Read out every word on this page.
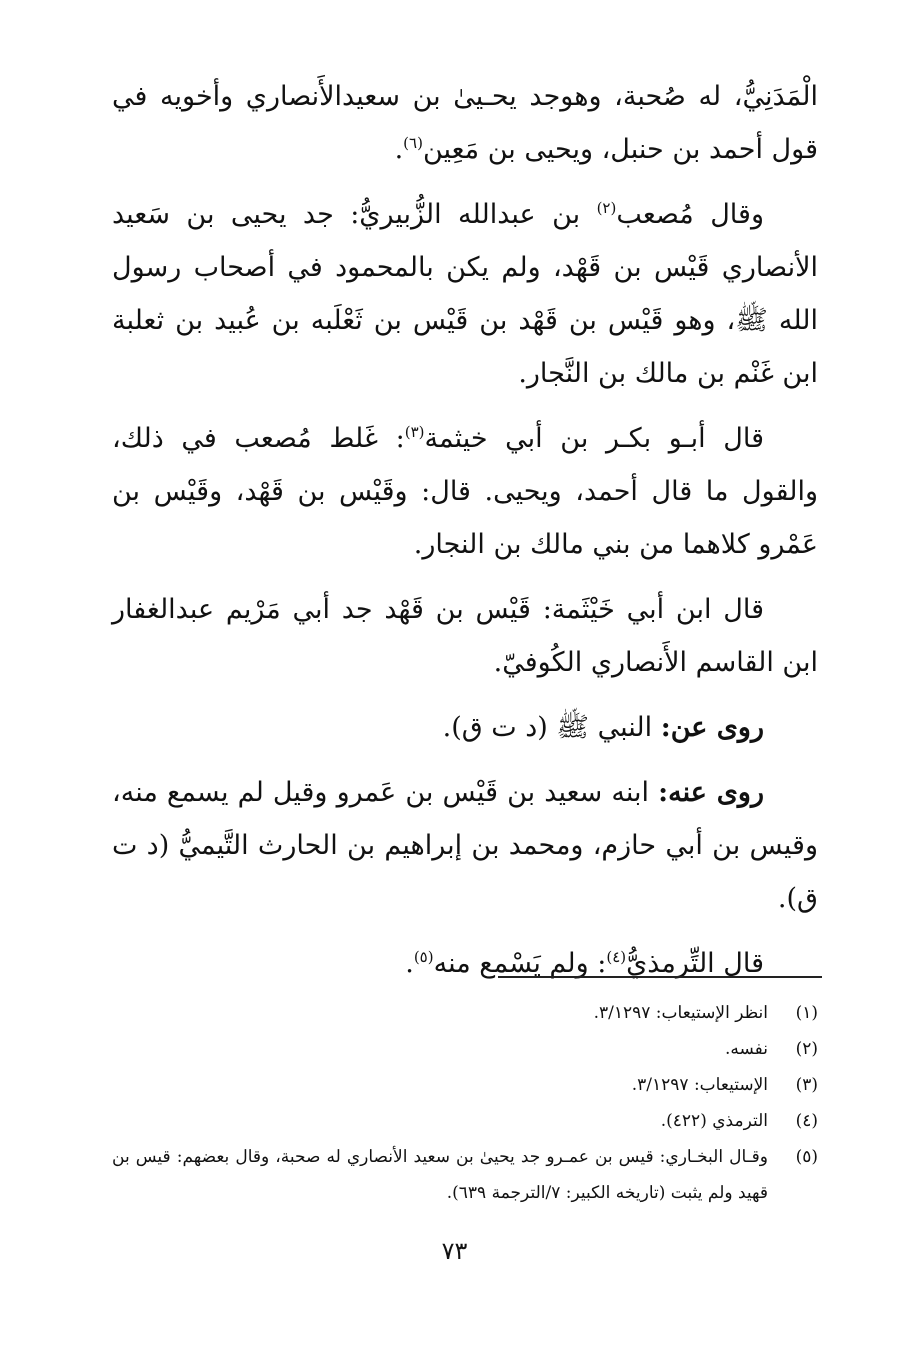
الْمَدَنِيُّ، له صُحبة، وهوجد يحـيىٰ بن سعيدالأَنصاري وأخويه في قول أحمد بن حنبل، ويحيى بن مَعِين$^{(٦)}$.

وقال مُصعب$^{(٢)}$ بن عبدالله الزُّبيريُّ: جد يحيى بن سَعيد الأنصاري قَيْس بن قَهْد، ولم يكن بالمحمود في أصحاب رسول الله ﷺ، وهو قَيْس بن قَهْد بن قَيْس بن ثَعْلَبه بن عُبيد بن ثعلبة ابن غَنْم بن مالك بن النَّجار.

قال أبـو بكـر بن أبي خيثمة$^{(٣)}$: غَلط مُصعب في ذلك، والقول ما قال أحمد، ويحيى. قال: وقَيْس بن قَهْد، وقَيْس بن عَمْرو كلاهما من بني مالك بن النجار.

قال ابن أبي خَيْثَمة: قَيْس بن قَهْد جد أبي مَرْيم عبدالغفار ابن القاسم الأَنصاري الكُوفيّ.

روى عن: النبي ﷺ (د ت ق).

روى عنه: ابنه سعيد بن قَيْس بن عَمرو وقيل لم يسمع منه، وقيس بن أبي حازم، ومحمد بن إبراهيم بن الحارث التَّيميُّ (د ت ق).

قال التِّرمذيُّ$^{(٤)}$: ولم يَسْمع منه$^{(٥)}$.

(١)
انظر الإستيعاب: ٣/١٢٩٧.
(٢)
نفسه.
(٣)
الإستيعاب: ٣/١٢٩٧.
(٤)
الترمذي (٤٢٢).
(٥)
وقـال البخـاري: قيس بن عمـرو جد يحيىٰ بن سعيد الأنصاري له صحبة، وقال بعضهم: قيس بن قهيد ولم يثبت (تاريخه الكبير: ٧/الترجمة ٦٣٩).
٧٣
